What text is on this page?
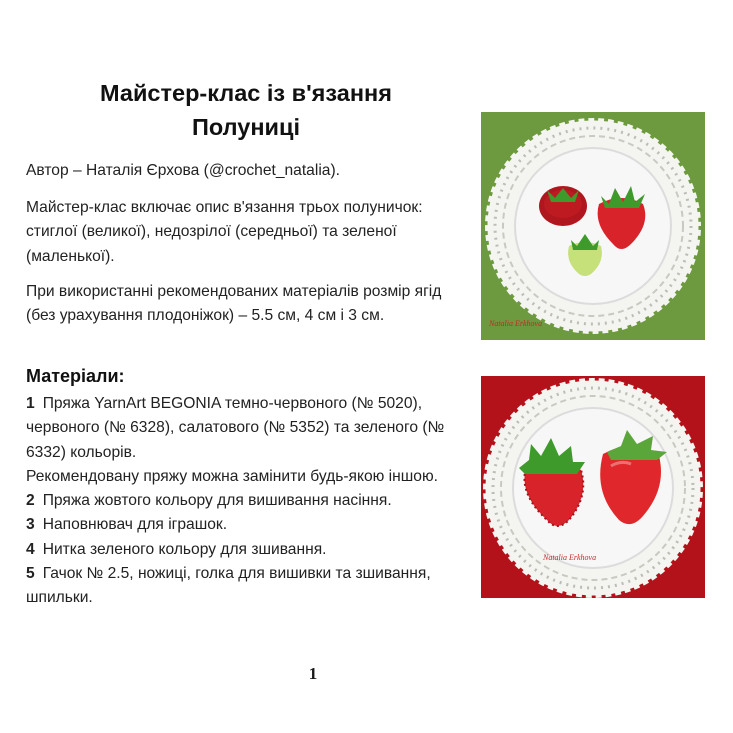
Майстер-клас із в'язання
Полуниці

Автор – Наталія Єрхова (@crochet_natalia).

Майстер-клас включає опис в'язання трьох полуничок: стиглої (великої), недозрілої (середньої) та зеленої (маленької).

При використанні рекомендованих матеріалів розмір ягід (без урахування плодоніжок) – 5.5 см, 4 см і 3 см.

Матеріали:
1 Пряжа YarnArt BEGONIA темно-червоного (№ 5020), червоного (№ 6328), салатового (№ 5352) та зеленого (№ 6332) кольорів.
Рекомендовану пряжу можна замінити будь-якою іншою.
2 Пряжа жовтого кольору для вишивання насіння.
3 Наповнювач для іграшок.
4 Нитка зеленого кольору для зшивання.
5 Гачок № 2.5, ножиці, голка для вишивки та зшивання, шпильки.
Natalia Erkhova
Natalia Erkhova
1
